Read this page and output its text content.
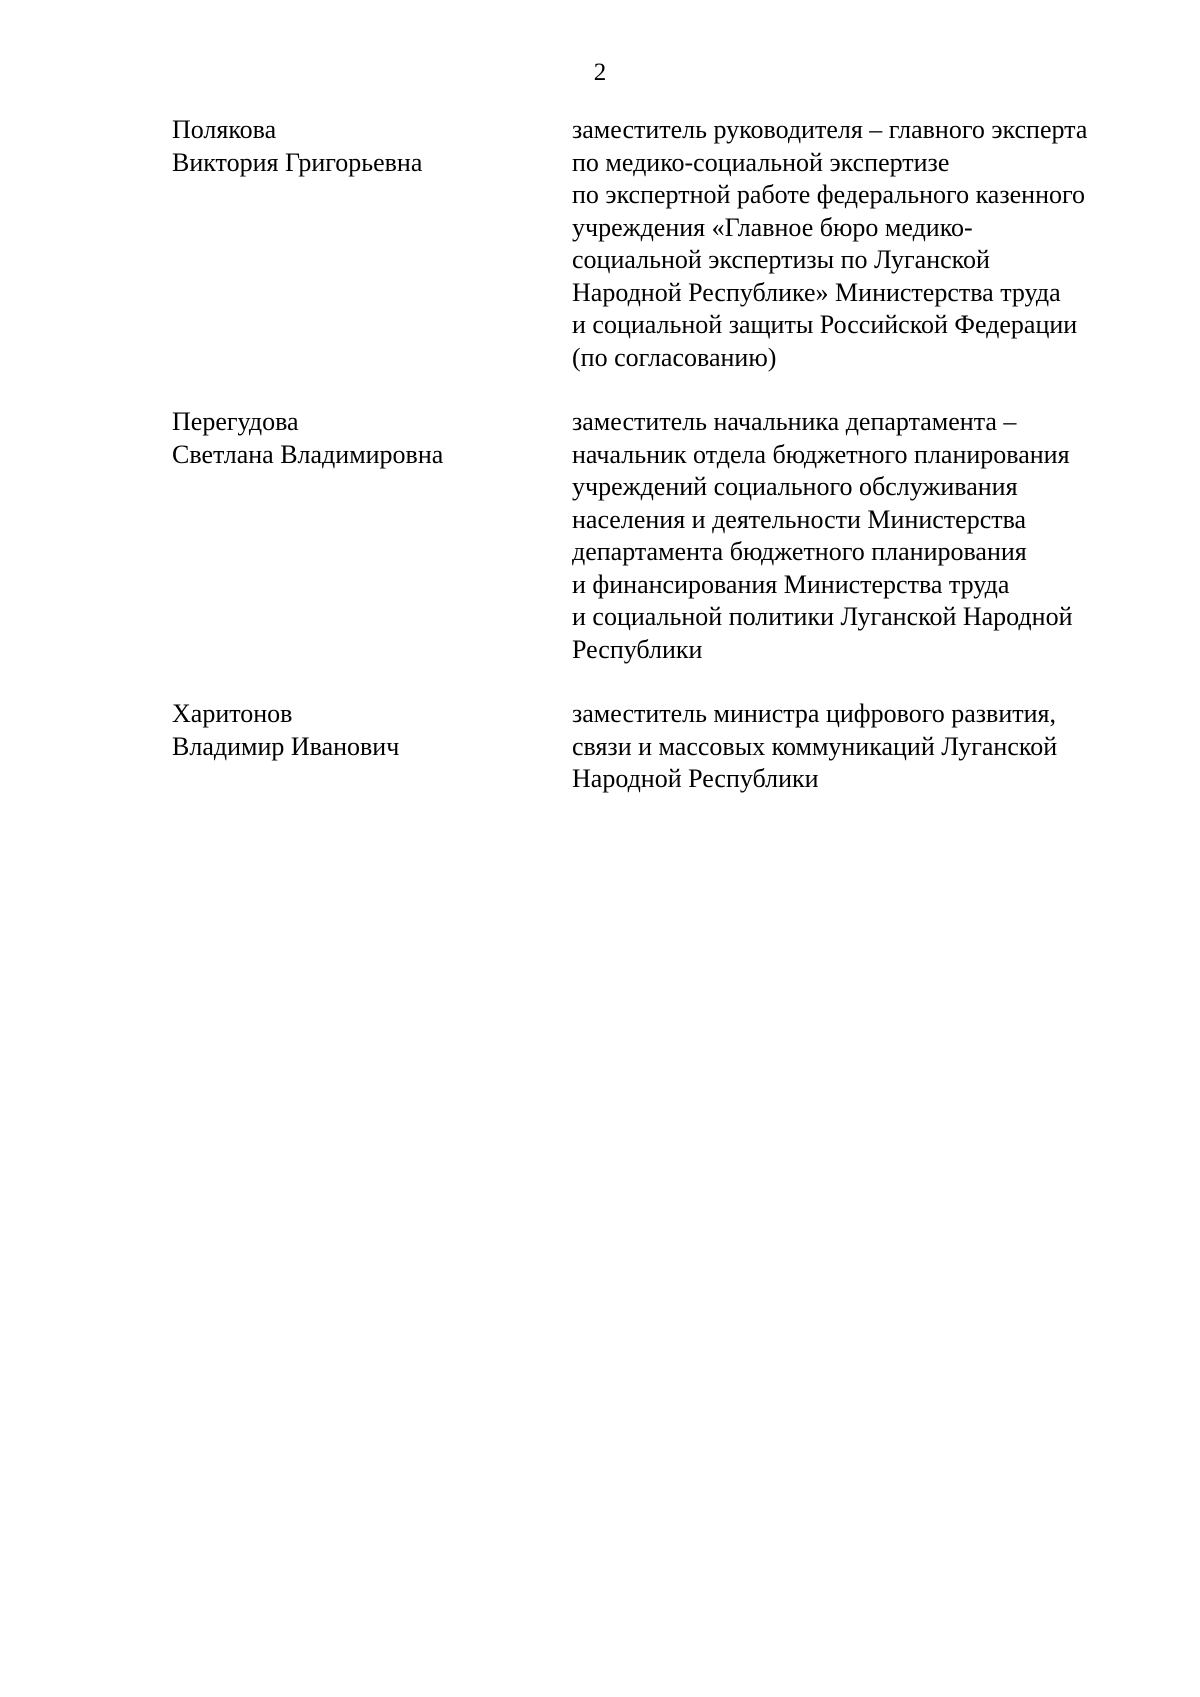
2
Полякова
Виктория Григорьевна
заместитель руководителя – главного эксперта
по медико-социальной экспертизе
по экспертной работе федерального казенного
учреждения «Главное бюро медико-
социальной экспертизы по Луганской
Народной Республике» Министерства труда
и социальной защиты Российской Федерации
(по согласованию)
Перегудова
Светлана Владимировна
заместитель начальника департамента –
начальник отдела бюджетного планирования
учреждений социального обслуживания
населения и деятельности Министерства
департамента бюджетного планирования
и финансирования Министерства труда
и социальной политики Луганской Народной
Республики
Харитонов
Владимир Иванович
заместитель министра цифрового развития,
связи и массовых коммуникаций Луганской
Народной Республики
